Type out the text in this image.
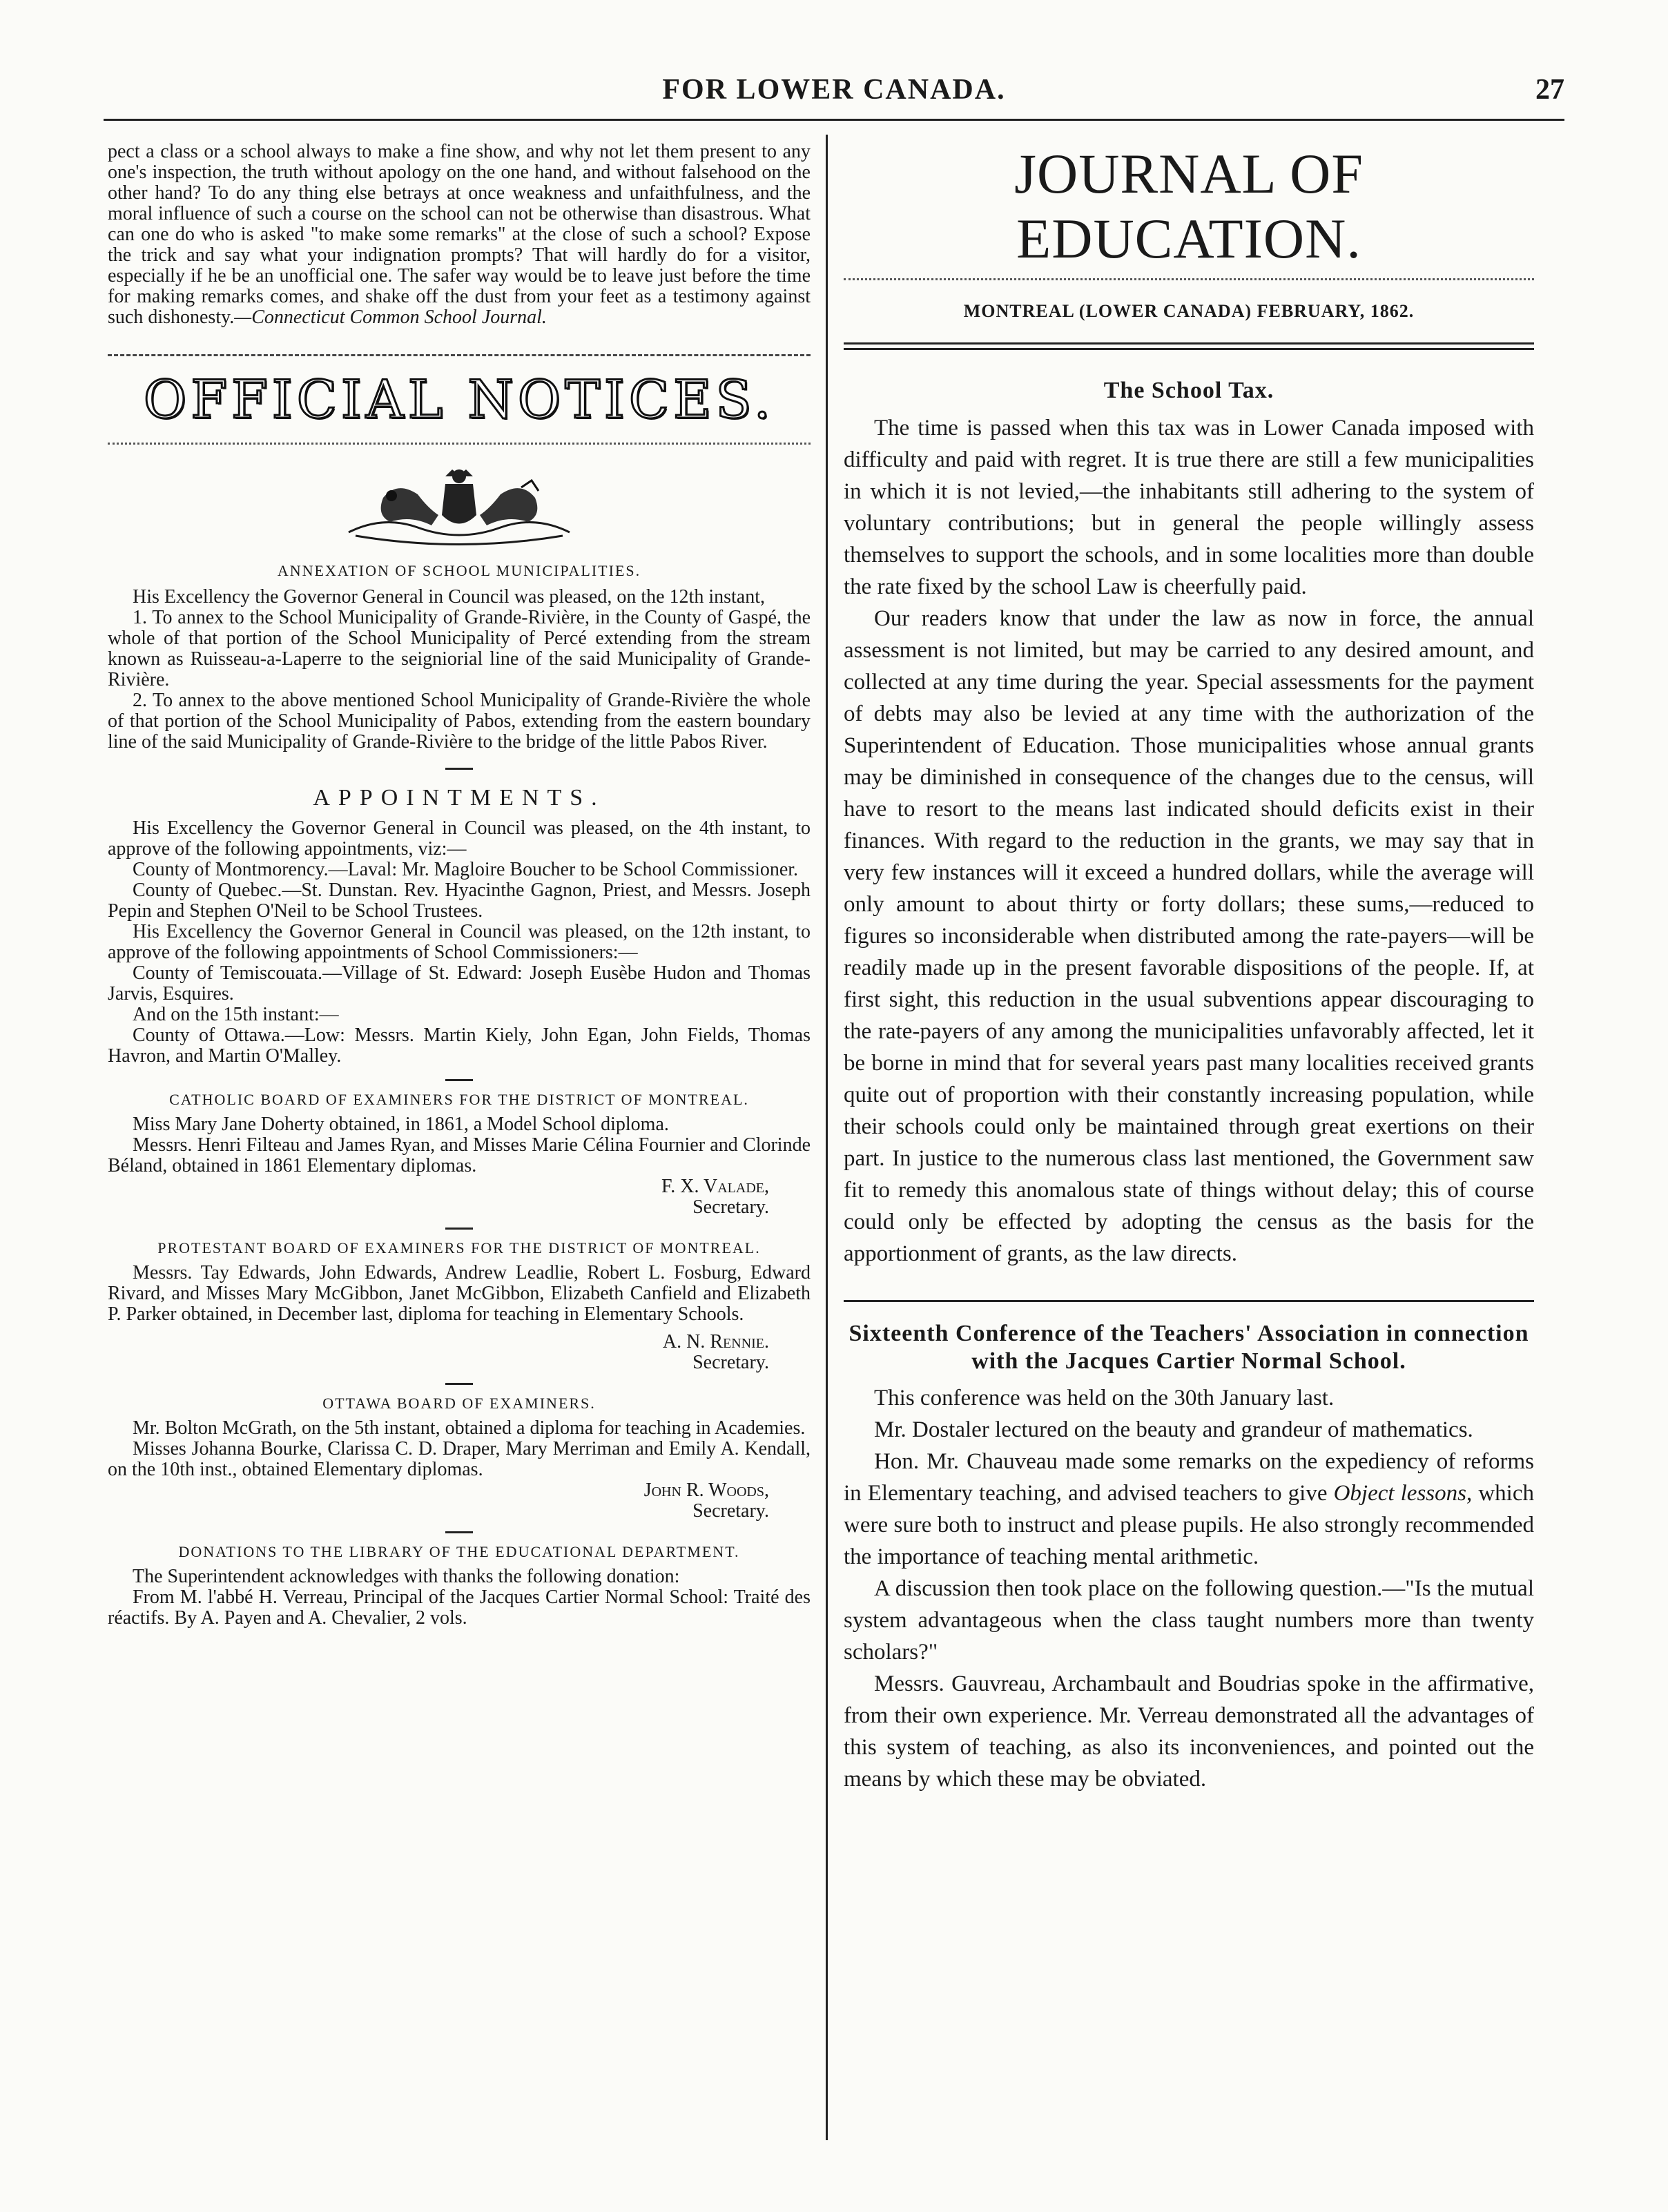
FOR LOWER CANADA.	27

pect a class or a school always to make a fine show, and why not let them present to any one's inspection, the truth without apology on the one hand, and without falsehood on the other hand? To do any thing else betrays at once weakness and unfaithfulness, and the moral influence of such a course on the school can not be otherwise than disastrous. What can one do who is asked "to make some remarks" at the close of such a school? Expose the trick and say what your indignation prompts? That will hardly do for a visitor, especially if he be an unofficial one. The safer way would be to leave just before the time for making remarks comes, and shake off the dust from your feet as a testimony against such dishonesty.—Connecticut Common School Journal.

OFFICIAL NOTICES.

ANNEXATION OF SCHOOL MUNICIPALITIES.

His Excellency the Governor General in Council was pleased, on the 12th instant,

1. To annex to the School Municipality of Grande-Rivière, in the County of Gaspé, the whole of that portion of the School Municipality of Percé extending from the stream known as Ruisseau-a-Laperre to the seigniorial line of the said Municipality of Grande-Rivière.

2. To annex to the above mentioned School Municipality of Grande-Rivière the whole of that portion of the School Municipality of Pabos, extending from the eastern boundary line of the said Municipality of Grande-Rivière to the bridge of the little Pabos River.

APPOINTMENTS.

His Excellency the Governor General in Council was pleased, on the 4th instant, to approve of the following appointments, viz:—

County of Montmorency.—Laval: Mr. Magloire Boucher to be School Commissioner.

County of Quebec.—St. Dunstan. Rev. Hyacinthe Gagnon, Priest, and Messrs. Joseph Pepin and Stephen O'Neil to be School Trustees.

His Excellency the Governor General in Council was pleased, on the 12th instant, to approve of the following appointments of School Commissioners:—

County of Temiscouata.—Village of St. Edward: Joseph Eusèbe Hudon and Thomas Jarvis, Esquires.

And on the 15th instant:—

County of Ottawa.—Low: Messrs. Martin Kiely, John Egan, John Fields, Thomas Havron, and Martin O'Malley.

CATHOLIC BOARD OF EXAMINERS FOR THE DISTRICT OF MONTREAL.

Miss Mary Jane Doherty obtained, in 1861, a Model School diploma.

Messrs. Henri Filteau and James Ryan, and Misses Marie Célina Fournier and Clorinde Béland, obtained in 1861 Elementary diplomas.

F. X. Valade,

Secretary.

PROTESTANT BOARD OF EXAMINERS FOR THE DISTRICT OF MONTREAL.

Messrs. Tay Edwards, John Edwards, Andrew Leadlie, Robert L. Fosburg, Edward Rivard, and Misses Mary McGibbon, Janet McGibbon, Elizabeth Canfield and Elizabeth P. Parker obtained, in December last, diploma for teaching in Elementary Schools.

A. N. Rennie.

Secretary.

OTTAWA BOARD OF EXAMINERS.

Mr. Bolton McGrath, on the 5th instant, obtained a diploma for teaching in Academies.

Misses Johanna Bourke, Clarissa C. D. Draper, Mary Merriman and Emily A. Kendall, on the 10th inst., obtained Elementary diplomas.

John R. Woods,

Secretary.

DONATIONS TO THE LIBRARY OF THE EDUCATIONAL DEPARTMENT.

The Superintendent acknowledges with thanks the following donation:

From M. l'abbé H. Verreau, Principal of the Jacques Cartier Normal School: Traité des réactifs. By A. Payen and A. Chevalier, 2 vols.

JOURNAL OF EDUCATION.

MONTREAL (LOWER CANADA) FEBRUARY, 1862.

The School Tax.

The time is passed when this tax was in Lower Canada imposed with difficulty and paid with regret. It is true there are still a few municipalities in which it is not levied,—the inhabitants still adhering to the system of voluntary contributions; but in general the people willingly assess themselves to support the schools, and in some localities more than double the rate fixed by the school Law is cheerfully paid.

Our readers know that under the law as now in force, the annual assessment is not limited, but may be carried to any desired amount, and collected at any time during the year. Special assessments for the payment of debts may also be levied at any time with the authorization of the Superintendent of Education. Those municipalities whose annual grants may be diminished in consequence of the changes due to the census, will have to resort to the means last indicated should deficits exist in their finances. With regard to the reduction in the grants, we may say that in very few instances will it exceed a hundred dollars, while the average will only amount to about thirty or forty dollars; these sums,—reduced to figures so inconsiderable when distributed among the rate-payers—will be readily made up in the present favorable dispositions of the people. If, at first sight, this reduction in the usual subventions appear discouraging to the rate-payers of any among the municipalities unfavorably affected, let it be borne in mind that for several years past many localities received grants quite out of proportion with their constantly increasing population, while their schools could only be maintained through great exertions on their part. In justice to the numerous class last mentioned, the Government saw fit to remedy this anomalous state of things without delay; this of course could only be effected by adopting the census as the basis for the apportionment of grants, as the law directs.

Sixteenth Conference of the Teachers' Association in connection with the Jacques Cartier Normal School.

This conference was held on the 30th January last.

Mr. Dostaler lectured on the beauty and grandeur of mathematics.

Hon. Mr. Chauveau made some remarks on the expediency of reforms in Elementary teaching, and advised teachers to give Object lessons, which were sure both to instruct and please pupils. He also strongly recommended the importance of teaching mental arithmetic.

A discussion then took place on the following question.—"Is the mutual system advantageous when the class taught numbers more than twenty scholars?"

Messrs. Gauvreau, Archambault and Boudrias spoke in the affirmative, from their own experience. Mr. Verreau demonstrated all the advantages of this system of teaching, as also its inconveniences, and pointed out the means by which these may be obviated.
